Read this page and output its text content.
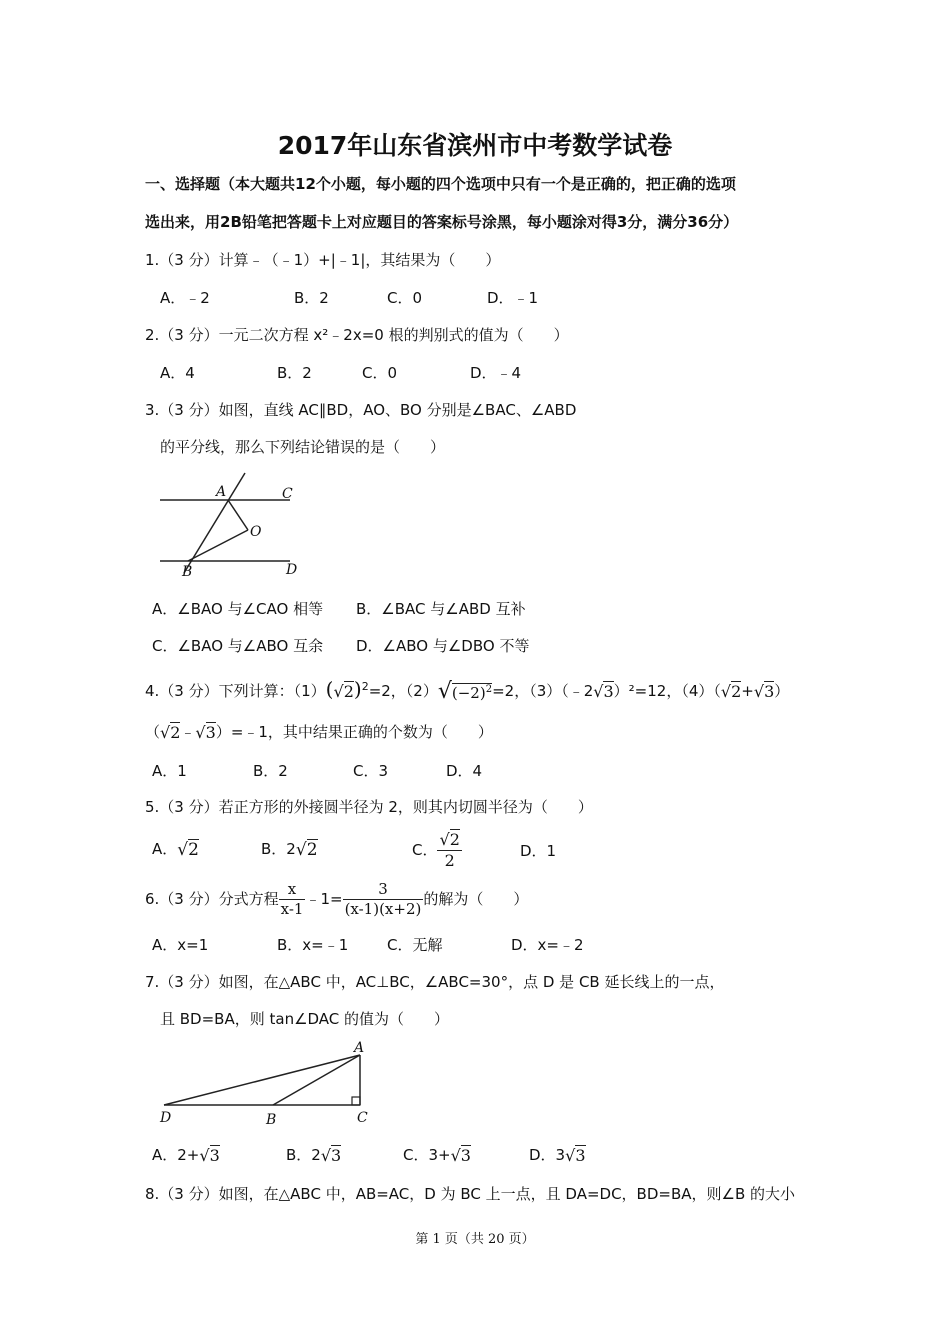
2017年山东省滨州市中考数学试卷
一、选择题（本大题共12个小题，每小题的四个选项中只有一个是正确的，把正确的选项
选出来，用2B铅笔把答题卡上对应题目的答案标号涂黑，每小题涂对得3分，满分36分）
1.（3 分）计算﹣（﹣1）+|﹣1|，其结果为（　　）
A．﹣2	B．2	C．0	D．﹣1
2.（3 分）一元二次方程 x²﹣2x=0 根的判别式的值为（　　）
A．4	B．2	C．0	D．﹣4
3.（3 分）如图，直线 AC∥BD，AO、BO 分别是∠BAC、∠ABD
的平分线，那么下列结论错误的是（　　）
A	C
O
B	D
A．∠BAO 与∠CAO 相等 B．∠BAC 与∠ABD 互补
C．∠BAO 与∠ABO 互余 D．∠ABO 与∠DBO 不等
4.（3 分）下列计算：$(1)(√2)^2=2$，$(2)√(-2)^2=2$，（3）（﹣2√3）²=12，（4）（√2+√3）
（√2﹣√3）=﹣1，其中结果正确的个数为（　　）
A．1	B．2	C．3	D．4
5.（3 分）若正方形的外接圆半径为 2，则其内切圆半径为（　　）
A．√2	B．2√2	C． $\frac{√2}{2}$	D．1
6.（3 分）分式方程 $\frac{x}{x-1}$ ﹣1= $\frac{3}{(x-1)(x+2)}$ 的解为（　　）
A．x=1	B．x=﹣1	C．无解	D．x=﹣2
7.（3 分）如图，在△ABC 中，AC⊥BC，∠ABC=30°，点 D 是 CB 延长线上的一点，
且 BD=BA，则 tan∠DAC 的值为（　　）
A
D	B	C
A．2+√3	B．2√3	C．3+√3	D．3√3
8.（3 分）如图，在△ABC 中，AB=AC，D 为 BC 上一点，且 DA=DC，BD=BA，则∠B 的大小
第 1 页（共 20 页）
